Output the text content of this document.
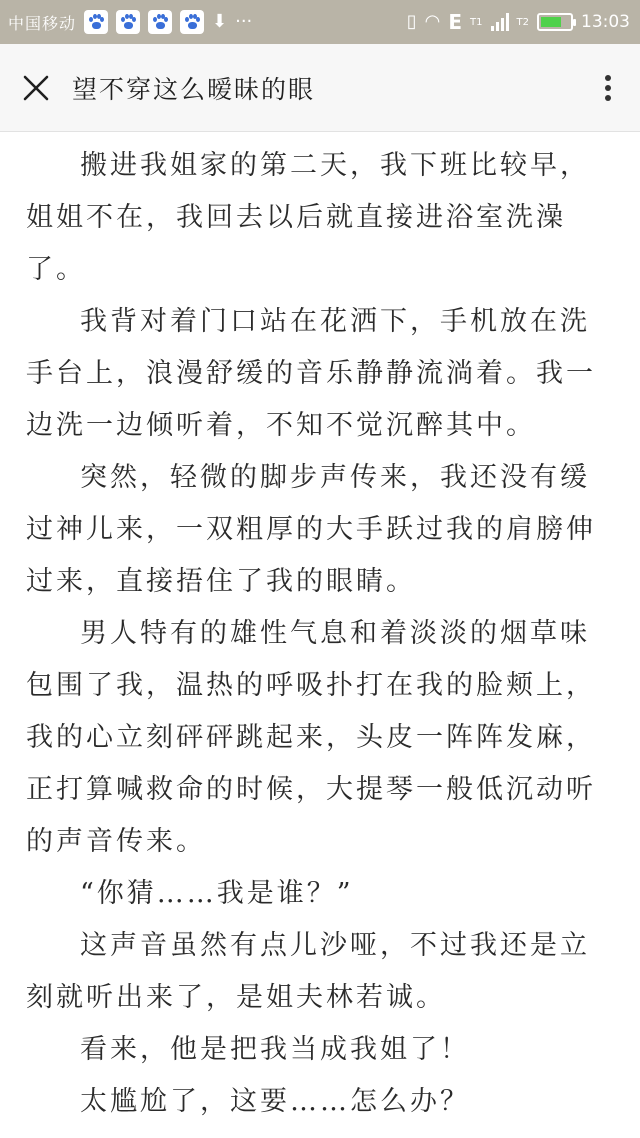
中国移动	⬇ ···	▯ ◠ E T1	T2	13:03
望不穿这么暧昧的眼

搬进我姐家的第二天，我下班比较早，姐姐不在，我回去以后就直接进浴室洗澡了。

我背对着门口站在花洒下，手机放在洗手台上，浪漫舒缓的音乐静静流淌着。我一边洗一边倾听着，不知不觉沉醉其中。

突然，轻微的脚步声传来，我还没有缓过神儿来，一双粗厚的大手跃过我的肩膀伸过来，直接捂住了我的眼睛。

男人特有的雄性气息和着淡淡的烟草味包围了我，温热的呼吸扑打在我的脸颊上，我的心立刻砰砰跳起来，头皮一阵阵发麻，正打算喊救命的时候，大提琴一般低沉动听的声音传来。

“你猜……我是谁？”

这声音虽然有点儿沙哑，不过我还是立刻就听出来了，是姐夫林若诚。

看来，他是把我当成我姐了！

太尴尬了，这要……怎么办？
